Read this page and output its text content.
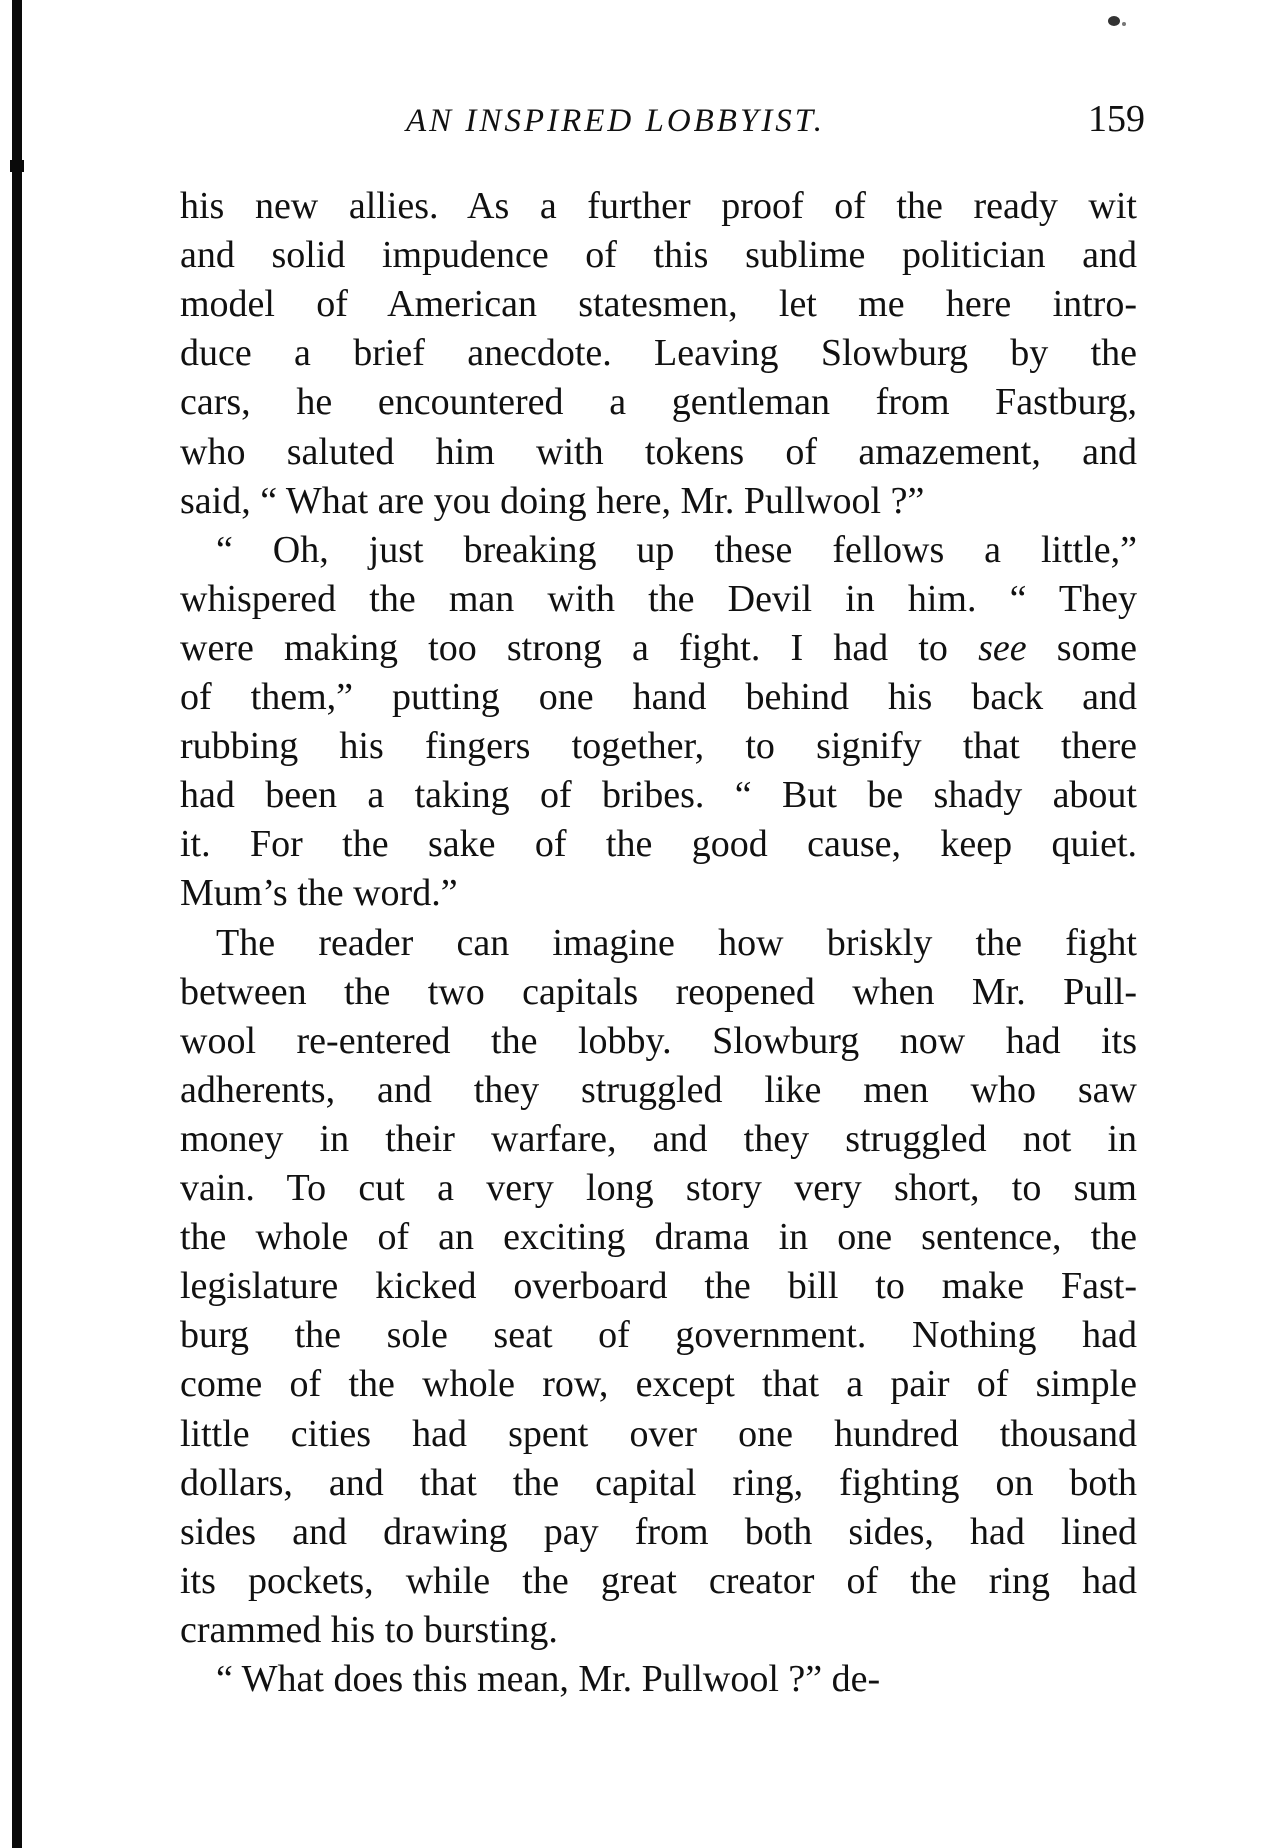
AN INSPIRED LOBBYIST.	159
his new allies. As a further proof of the ready wit
and solid impudence of this sublime politician and
model of American statesmen, let me here intro-
duce a brief anecdote. Leaving Slowburg by the
cars, he encountered a gentleman from Fastburg,
who saluted him with tokens of amazement, and
said, “ What are you doing here, Mr. Pullwool ?”
“ Oh, just breaking up these fellows a little,”
whispered the man with the Devil in him. “ They
were making too strong a fight. I had to see some
of them,” putting one hand behind his back and
rubbing his fingers together, to signify that there
had been a taking of bribes. “ But be shady about
it. For the sake of the good cause, keep quiet.
Mum’s the word.”
The reader can imagine how briskly the fight
between the two capitals reopened when Mr. Pull-
wool re-entered the lobby. Slowburg now had its
adherents, and they struggled like men who saw
money in their warfare, and they struggled not in
vain. To cut a very long story very short, to sum
the whole of an exciting drama in one sentence, the
legislature kicked overboard the bill to make Fast-
burg the sole seat of government. Nothing had
come of the whole row, except that a pair of simple
little cities had spent over one hundred thousand
dollars, and that the capital ring, fighting on both
sides and drawing pay from both sides, had lined
its pockets, while the great creator of the ring had
crammed his to bursting.
“ What does this mean, Mr. Pullwool ?” de-
